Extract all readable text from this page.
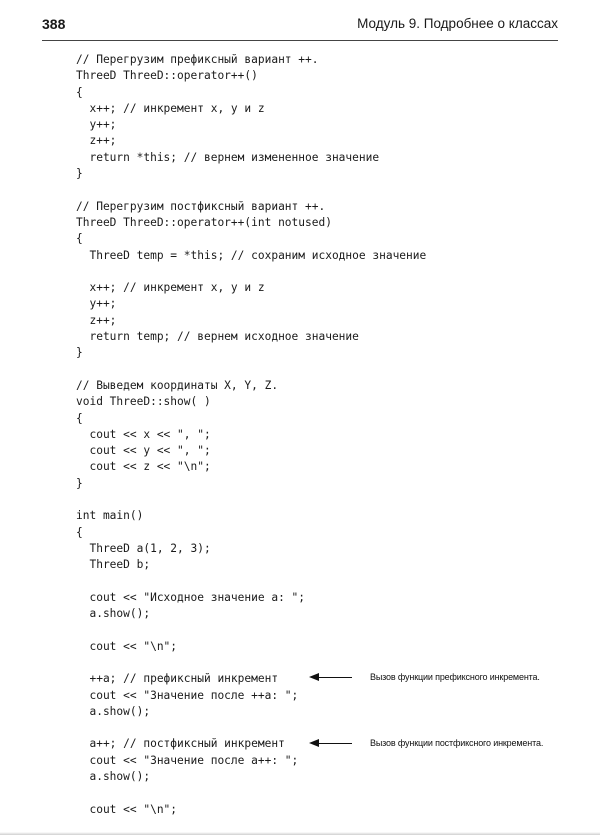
388	Модуль 9. Подробнее о классах
// Перегрузим префиксный вариант ++.
ThreeD ThreeD::operator++()
{
x++; // инкремент x, y и z
y++;
z++;
return *this; // вернем измененное значение
}
// Перегрузим постфиксный вариант ++.
ThreeD ThreeD::operator++(int notused)
{
ThreeD temp = *this; // сохраним исходное значение
x++; // инкремент x, y и z
y++;
z++;
return temp; // вернем исходное значение
}
// Выведем координаты X, Y, Z.
void ThreeD::show( )
{
cout << x << ", ";
cout << y << ", ";
cout << z << "\n";
}
int main()
{
ThreeD a(1, 2, 3);
ThreeD b;
cout << "Исходное значение a: ";
a.show();
cout << "\n";
++a; // префиксный инкремент
cout << "Значение после ++a: ";
a.show();
a++; // постфиксный инкремент
cout << "Значение после a++: ";
a.show();
cout << "\n";
Вызов функции префиксного инкремента.
Вызов функции постфиксного инкремента.
